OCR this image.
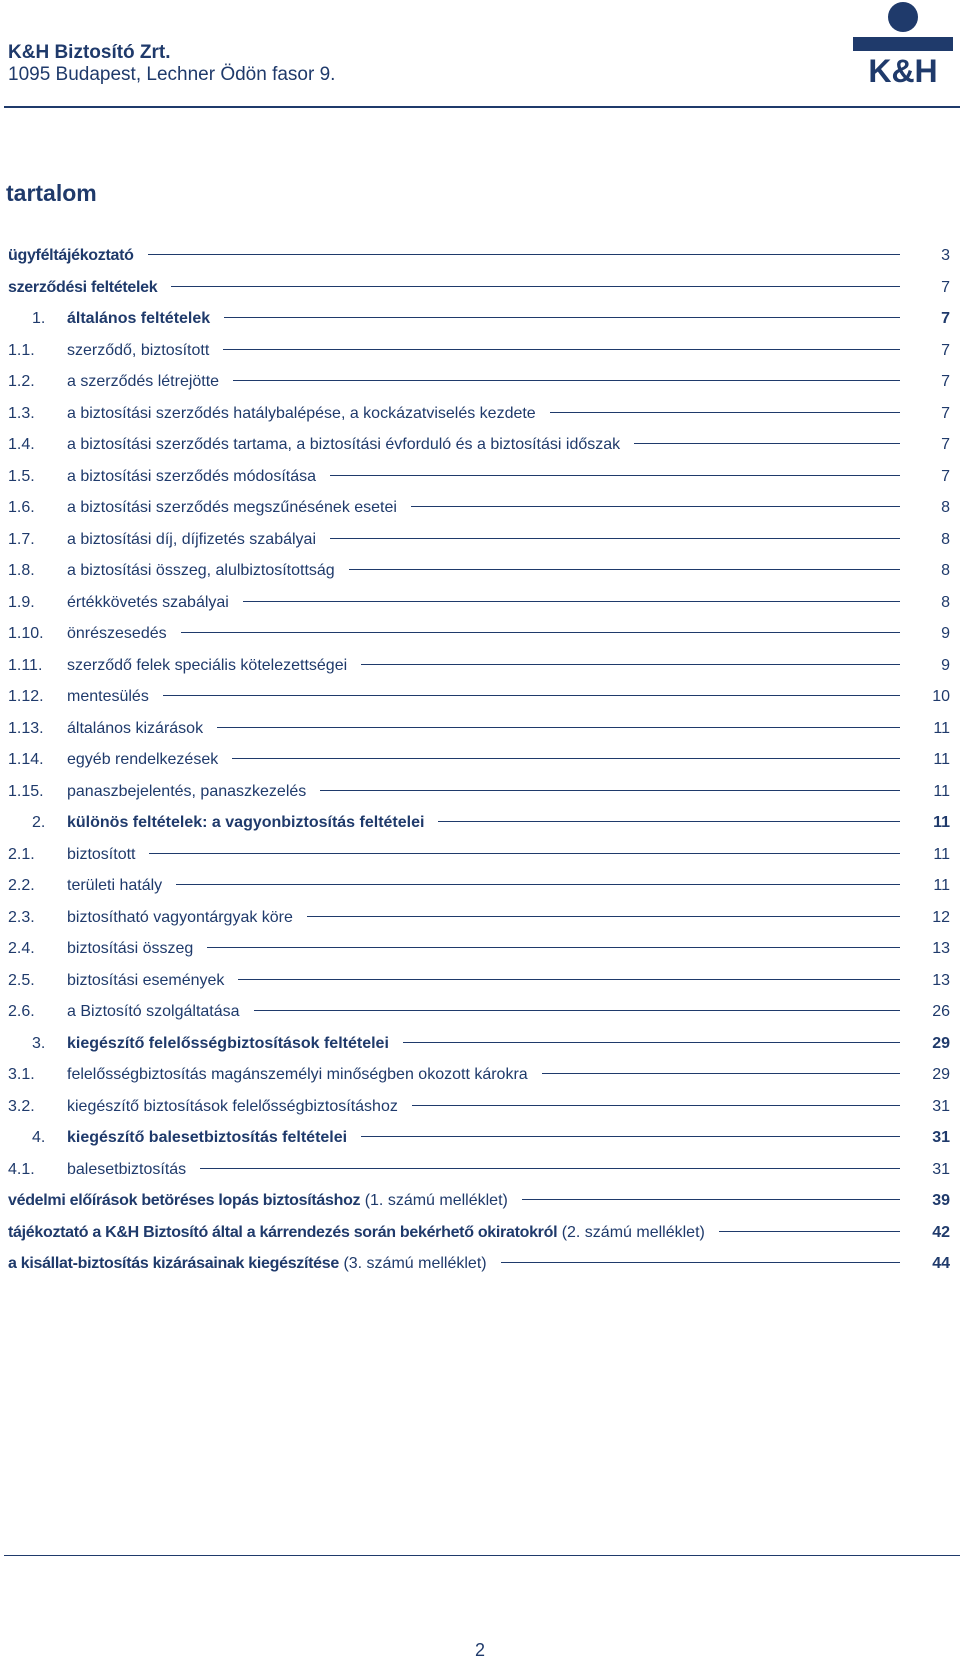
K&H Biztosító Zrt.
1095 Budapest, Lechner Ödön fasor 9.	K&H
tartalom
ügyféltájékoztató	3
szerződési feltételek	7
1.	általános feltételek	7
1.1.	szerződő, biztosított	7
1.2.	a szerződés létrejötte	7
1.3.	a biztosítási szerződés hatálybalépése, a kockázatviselés kezdete	7
1.4.	a biztosítási szerződés tartama, a biztosítási évforduló és a biztosítási időszak	7
1.5.	a biztosítási szerződés módosítása	7
1.6.	a biztosítási szerződés megszűnésének esetei	8
1.7.	a biztosítási díj, díjfizetés szabályai	8
1.8.	a biztosítási összeg, alulbiztosítottság	8
1.9.	értékkövetés szabályai	8
1.10.	önrészesedés	9
1.11.	szerződő felek speciális kötelezettségei	9
1.12.	mentesülés	10
1.13.	általános kizárások	11
1.14.	egyéb rendelkezések	11
1.15.	panaszbejelentés, panaszkezelés	11
2.	különös feltételek: a vagyonbiztosítás feltételei	11
2.1.	biztosított	11
2.2.	területi hatály	11
2.3.	biztosítható vagyontárgyak köre	12
2.4.	biztosítási összeg	13
2.5.	biztosítási események	13
2.6.	a Biztosító szolgáltatása	26
3.	kiegészítő felelősségbiztosítások feltételei	29
3.1.	felelősségbiztosítás magánszemélyi minőségben okozott károkra	29
3.2.	kiegészítő biztosítások felelősségbiztosításhoz	31
4.	kiegészítő balesetbiztosítás feltételei	31
4.1.	balesetbiztosítás	31
védelmi előírások betöréses lopás biztosításhoz (1. számú melléklet)	39
tájékoztató a K&H Biztosító által a kárrendezés során bekérhető okiratokról (2. számú melléklet)	42
a kisállat-biztosítás kizárásainak kiegészítése (3. számú melléklet)	44
2
